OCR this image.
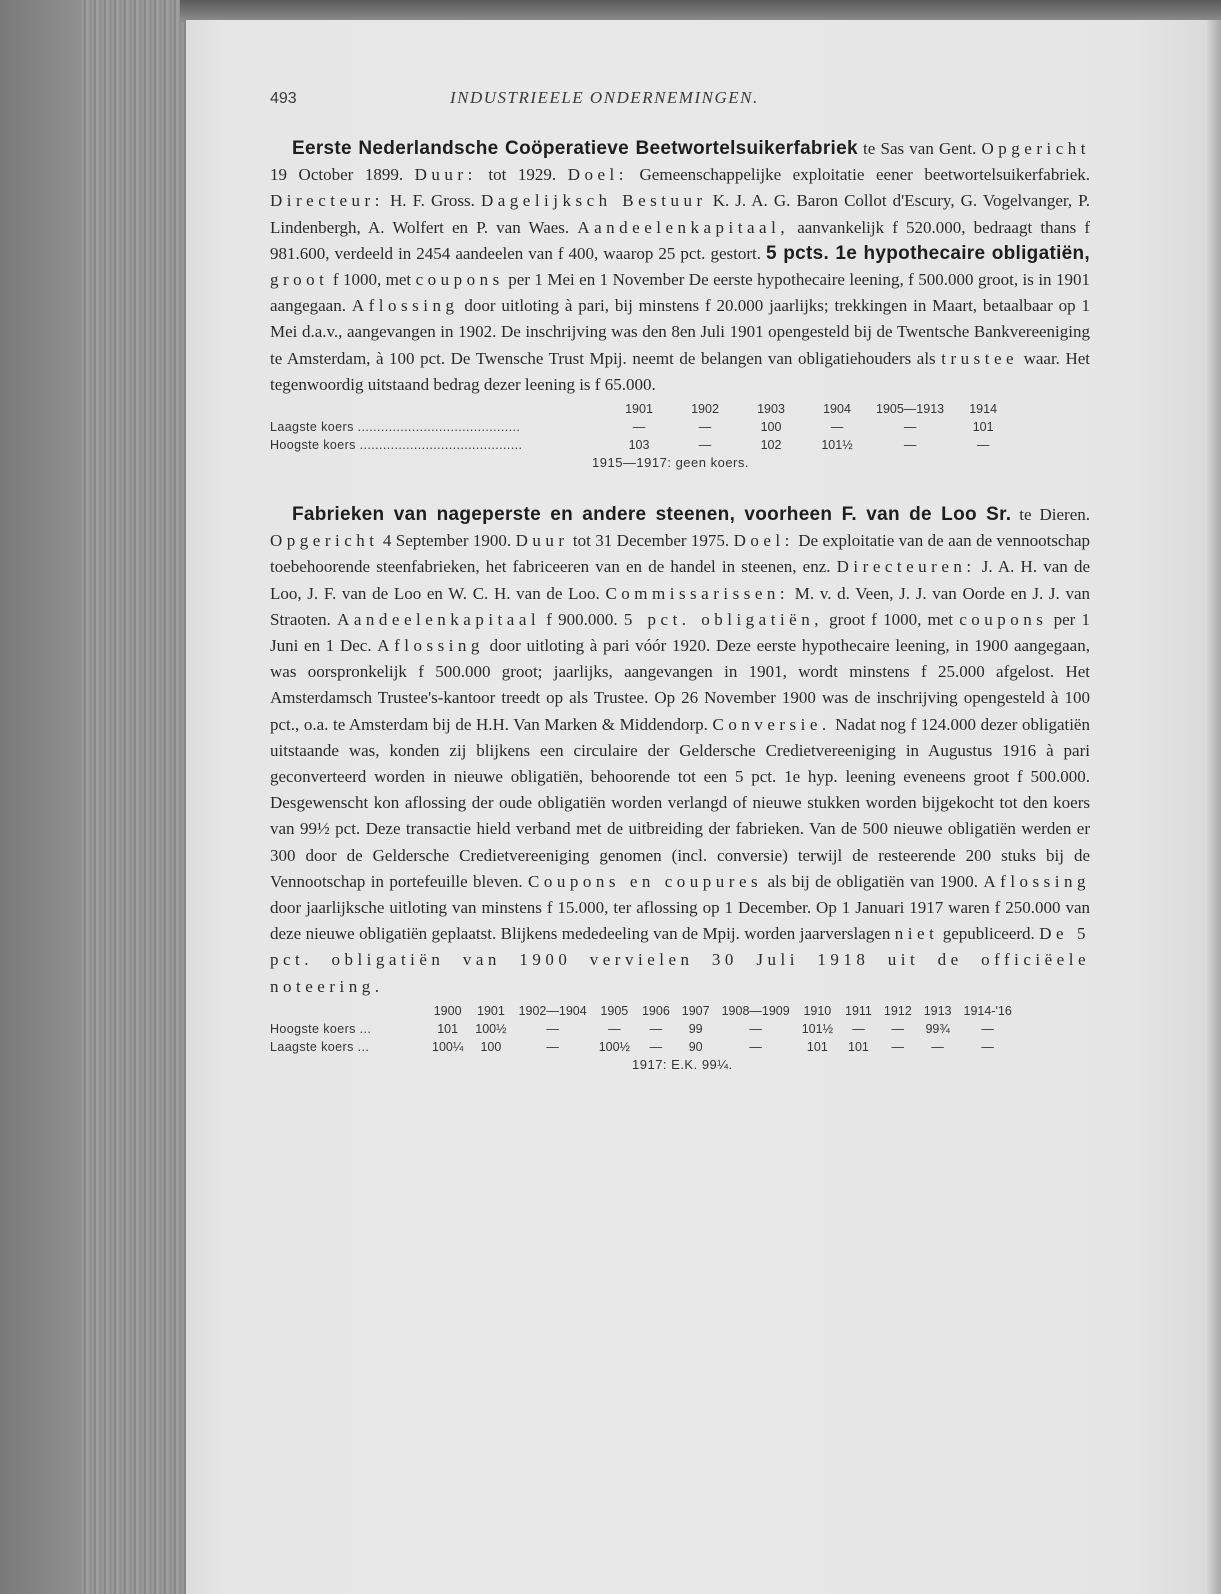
493	INDUSTRIEELE ONDERNEMINGEN.

Eerste Nederlandsche Coöperatieve Beetwortelsuikerfabriek te Sas van Gent. Opgericht 19 October 1899. Duur: tot 1929. Doel: Gemeenschappelijke exploitatie eener beetwortelsuikerfabriek. Directeur: H. F. Gross. Dagelijksch Bestuur K. J. A. G. Baron Collot d'Escury, G. Vogelvanger, P. Lindenbergh, A. Wolfert en P. van Waes. Aandeelenkapitaal, aanvankelijk f 520.000, bedraagt thans f 981.600, verdeeld in 2454 aandeelen van f 400, waarop 25 pct. gestort. 5 pcts. 1e hypothecaire obligatiën, groot f 1000, met coupons per 1 Mei en 1 November De eerste hypothecaire leening, f 500.000 groot, is in 1901 aangegaan. Aflossing door uitloting à pari, bij minstens f 20.000 jaarlijks; trekkingen in Maart, betaalbaar op 1 Mei d.a.v., aangevangen in 1902. De inschrijving was den 8en Juli 1901 opengesteld bij de Twentsche Bankvereeniging te Amsterdam, à 100 pct. De Twensche Trust Mpij. neemt de belangen van obligatiehouders als trustee waar. Het tegenwoordig uitstaand bedrag dezer leening is f 65.000.

	1901	1902	1903	1904	1905—1913	1914
Laagste koers ..........................................	—	—	100	—	—	101
Hoogste koers ..........................................	103	—	102	101½	—	—
1915—1917: geen koers.

Fabrieken van nageperste en andere steenen, voorheen F. van de Loo Sr. te Dieren. Opgericht 4 September 1900. Duur tot 31 December 1975. Doel: De exploitatie van de aan de vennootschap toebehoorende steenfabrieken, het fabriceeren van en de handel in steenen, enz. Directeuren: J. A. H. van de Loo, J. F. van de Loo en W. C. H. van de Loo. Commissarissen: M. v. d. Veen, J. J. van Oorde en J. J. van Straoten. Aandeelenkapitaal f 900.000. 5 pct. obligatiën, groot f 1000, met coupons per 1 Juni en 1 Dec. Aflossing door uitloting à pari vóór 1920. Deze eerste hypothecaire leening, in 1900 aangegaan, was oorspronkelijk f 500.000 groot; jaarlijks, aangevangen in 1901, wordt minstens f 25.000 afgelost. Het Amsterdamsch Trustee's-kantoor treedt op als Trustee. Op 26 November 1900 was de inschrijving opengesteld à 100 pct., o.a. te Amsterdam bij de H.H. Van Marken & Middendorp. Conversie. Nadat nog f 124.000 dezer obligatiën uitstaande was, konden zij blijkens een circulaire der Geldersche Credietvereeniging in Augustus 1916 à pari geconverteerd worden in nieuwe obligatiën, behoorende tot een 5 pct. 1e hyp. leening eveneens groot f 500.000. Desgewenscht kon aflossing der oude obligatiën worden verlangd of nieuwe stukken worden bijgekocht tot den koers van 99½ pct. Deze transactie hield verband met de uitbreiding der fabrieken. Van de 500 nieuwe obligatiën werden er 300 door de Geldersche Credietvereeniging genomen (incl. conversie) terwijl de resteerende 200 stuks bij de Vennootschap in portefeuille bleven. Coupons en coupures als bij de obligatiën van 1900. Aflossing door jaarlijksche uitloting van minstens f 15.000, ter aflossing op 1 December. Op 1 Januari 1917 waren f 250.000 van deze nieuwe obligatiën geplaatst. Blijkens mededeeling van de Mpij. worden jaarverslagen niet gepubliceerd. De 5 pct. obligatiën van 1900 vervielen 30 Juli 1918 uit de officiëele noteering.

	1900	1901	1902—1904	1905	1906	1907	1908—1909	1910	1911	1912	1913	1914-'16
Hoogste koers ...	101	100½	—	—	—	99	—	101½	—	—	99¾	—
Laagste koers ...	100¼	100	—	100½	—	90	—	101	101	—	—	—
1917: E.K. 99¼.
